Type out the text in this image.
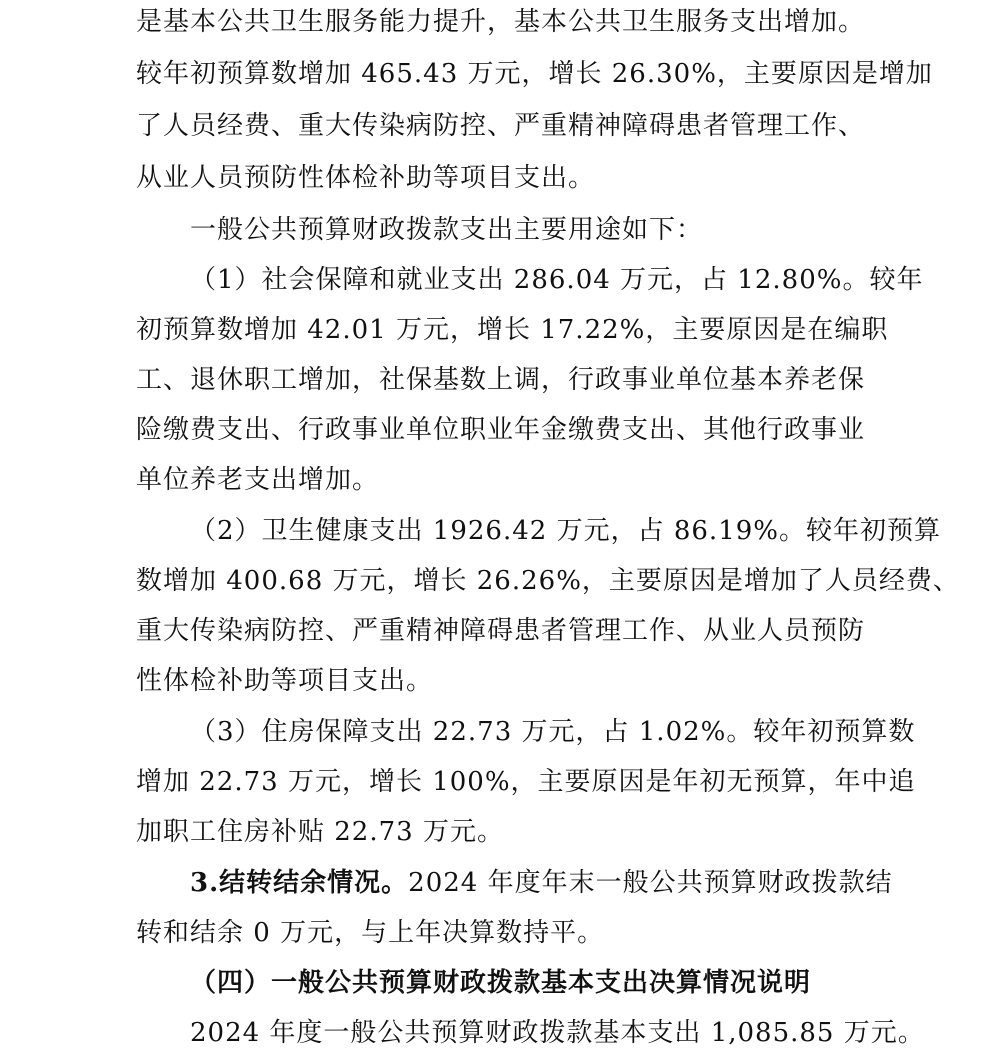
是基本公共卫生服务能力提升，基本公共卫生服务支出增加。
较年初预算数增加 465.43 万元，增长 26.30%，主要原因是增加
了人员经费、重大传染病防控、严重精神障碍患者管理工作、
从业人员预防性体检补助等项目支出。
一般公共预算财政拨款支出主要用途如下：
（1）社会保障和就业支出 286.04 万元，占 12.80%。较年
初预算数增加 42.01 万元，增长 17.22%，主要原因是在编职
工、退休职工增加，社保基数上调，行政事业单位基本养老保
险缴费支出、行政事业单位职业年金缴费支出、其他行政事业
单位养老支出增加。
（2）卫生健康支出 1926.42 万元，占 86.19%。较年初预算
数增加 400.68 万元，增长 26.26%，主要原因是增加了人员经费、
重大传染病防控、严重精神障碍患者管理工作、从业人员预防
性体检补助等项目支出。
（3）住房保障支出 22.73 万元，占 1.02%。较年初预算数
增加 22.73 万元，增长 100%，主要原因是年初无预算，年中追
加职工住房补贴 22.73 万元。
3.结转结余情况。2024 年度年末一般公共预算财政拨款结
转和结余 0 万元，与上年决算数持平。
（四）一般公共预算财政拨款基本支出决算情况说明
2024 年度一般公共预算财政拨款基本支出 1,085.85 万元。
